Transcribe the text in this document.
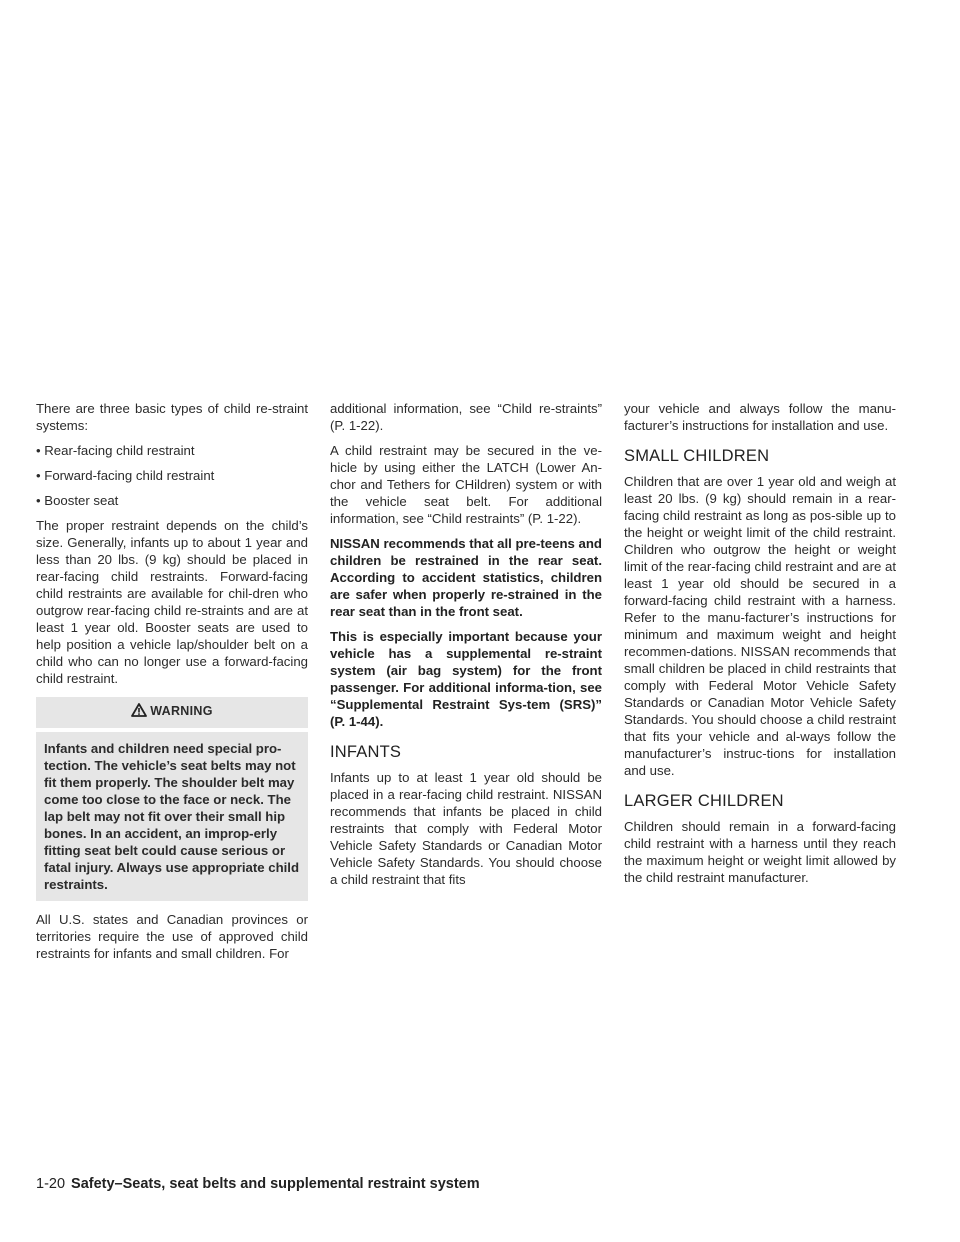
There are three basic types of child re-straint systems:

• Rear-facing child restraint

• Forward-facing child restraint

• Booster seat

The proper restraint depends on the child’s size. Generally, infants up to about 1 year and less than 20 lbs. (9 kg) should be placed in rear-facing child restraints. Forward-facing child restraints are available for chil-dren who outgrow rear-facing child re-straints and are at least 1 year old. Booster seats are used to help position a vehicle lap/shoulder belt on a child who can no longer use a forward-facing child restraint.

WARNING
Infants and children need special pro-tection. The vehicle’s seat belts may not fit them properly. The shoulder belt may come too close to the face or neck. The lap belt may not fit over their small hip bones. In an accident, an improp-erly fitting seat belt could cause serious or fatal injury. Always use appropriate child restraints.

All U.S. states and Canadian provinces or territories require the use of approved child restraints for infants and small children. For

additional information, see “Child re-straints” (P. 1-22).

A child restraint may be secured in the ve-hicle by using either the LATCH (Lower An-chor and Tethers for CHildren) system or with the vehicle seat belt. For additional information, see “Child restraints” (P. 1-22).

NISSAN recommends that all pre-teens and children be restrained in the rear seat. According to accident statistics, children are safer when properly re-strained in the rear seat than in the front seat.

This is especially important because your vehicle has a supplemental re-straint system (air bag system) for the front passenger. For additional informa-tion, see “Supplemental Restraint Sys-tem (SRS)” (P. 1-44).

INFANTS

Infants up to at least 1 year old should be placed in a rear-facing child restraint. NISSAN recommends that infants be placed in child restraints that comply with Federal Motor Vehicle Safety Standards or Canadian Motor Vehicle Safety Standards. You should choose a child restraint that fits

your vehicle and always follow the manu-facturer’s instructions for installation and use.

SMALL CHILDREN

Children that are over 1 year old and weigh at least 20 lbs. (9 kg) should remain in a rear-facing child restraint as long as pos-sible up to the height or weight limit of the child restraint. Children who outgrow the height or weight limit of the rear-facing child restraint and are at least 1 year old should be secured in a forward-facing child restraint with a harness. Refer to the manu-facturer’s instructions for minimum and maximum weight and height recommen-dations. NISSAN recommends that small children be placed in child restraints that comply with Federal Motor Vehicle Safety Standards or Canadian Motor Vehicle Safety Standards. You should choose a child restraint that fits your vehicle and al-ways follow the manufacturer’s instruc-tions for installation and use.

LARGER CHILDREN

Children should remain in a forward-facing child restraint with a harness until they reach the maximum height or weight limit allowed by the child restraint manufacturer.

1-20 Safety–Seats, seat belts and supplemental restraint system
